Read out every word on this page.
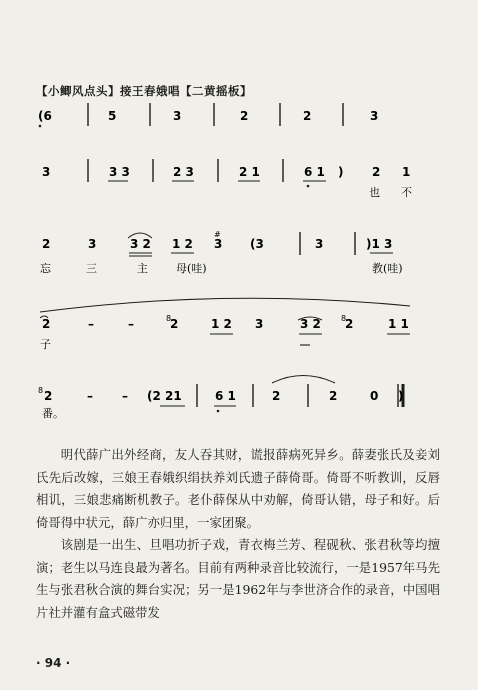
【小鲫风点头】接王春娥唱【二黄摇板】
(6	5	3	2	2	3
3	3 3	2 3	2 1	6 1 ) 2 1
也 不
2	3	3 2 1 2 3 (3	3	)1 3
忘	三	主	母(哇)	教(哇)
2	–	–	2	1 2 3	3 2 2	1 1
子
2	– – (2 21	6 1	2	2	0 )
番。
#
8	8
8

明代薛广出外经商，友人吞其财，谎报薛病死异乡。薛妻张氏及妾刘氏先后改嫁，三娘王春娥织绢扶养刘氏遗子薛倚哥。倚哥不听教训，反唇相讥，三娘悲痛断机教子。老仆薛保从中劝解，倚哥认错，母子和好。后倚哥得中状元，薛广亦归里，一家团聚。

该剧是一出生、旦唱功折子戏，青衣梅兰芳、程砚秋、张君秋等均擅演；老生以马连良最为著名。目前有两种录音比较流行，一是1957年马先生与张君秋合演的舞台实况；另一是1962年与李世济合作的录音，中国唱片社并灌有盒式磁带发

· 94 ·
